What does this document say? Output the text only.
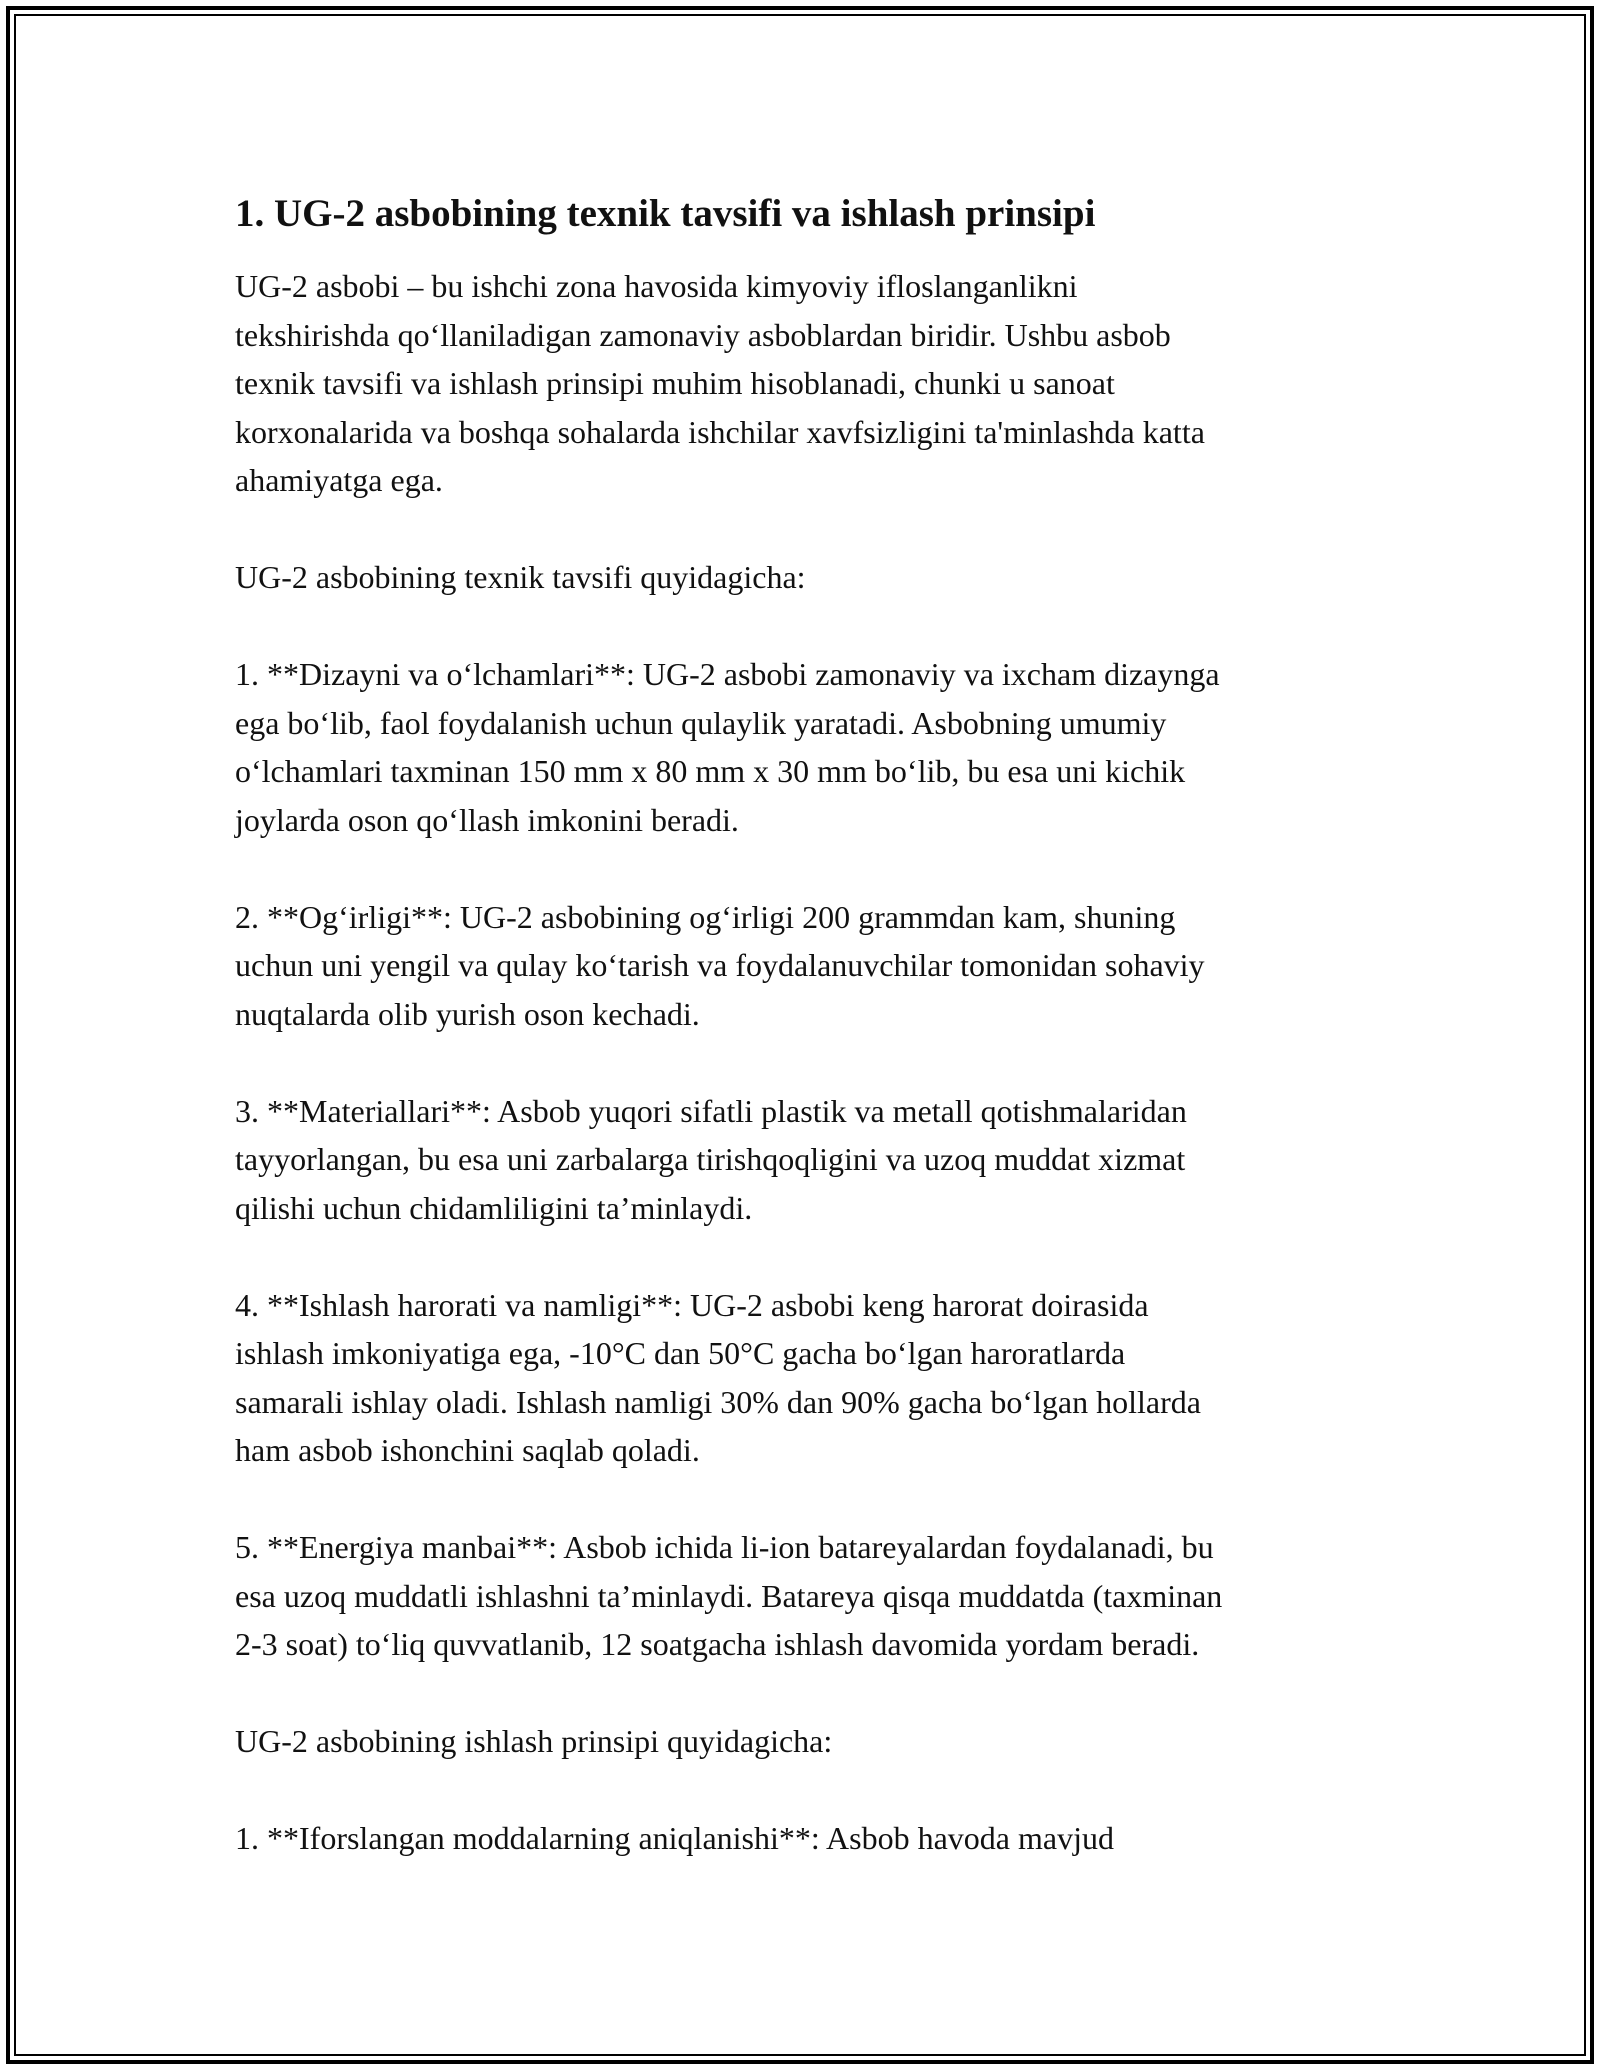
1. UG-2 asbobining texnik tavsifi va ishlash prinsipi

UG-2 asbobi – bu ishchi zona havosida kimyoviy ifloslanganlikni
tekshirishda qo‘llaniladigan zamonaviy asboblardan biridir. Ushbu asbob
texnik tavsifi va ishlash prinsipi muhim hisoblanadi, chunki u sanoat
korxonalarida va boshqa sohalarda ishchilar xavfsizligini ta'minlashda katta
ahamiyatga ega.

UG-2 asbobining texnik tavsifi quyidagicha:

1. **Dizayni va o‘lchamlari**: UG-2 asbobi zamonaviy va ixcham dizaynga
ega bo‘lib, faol foydalanish uchun qulaylik yaratadi. Asbobning umumiy
o‘lchamlari taxminan 150 mm x 80 mm x 30 mm bo‘lib, bu esa uni kichik
joylarda oson qo‘llash imkonini beradi.

2. **Og‘irligi**: UG-2 asbobining og‘irligi 200 grammdan kam, shuning
uchun uni yengil va qulay ko‘tarish va foydalanuvchilar tomonidan sohaviy
nuqtalarda olib yurish oson kechadi.

3. **Materiallari**: Asbob yuqori sifatli plastik va metall qotishmalaridan
tayyorlangan, bu esa uni zarbalarga tirishqoqligini va uzoq muddat xizmat
qilishi uchun chidamliligini ta’minlaydi.

4. **Ishlash harorati va namligi**: UG-2 asbobi keng harorat doirasida
ishlash imkoniyatiga ega, -10°C dan 50°C gacha bo‘lgan haroratlarda
samarali ishlay oladi. Ishlash namligi 30% dan 90% gacha bo‘lgan hollarda
ham asbob ishonchini saqlab qoladi.

5. **Energiya manbai**: Asbob ichida li-ion batareyalardan foydalanadi, bu
esa uzoq muddatli ishlashni ta’minlaydi. Batareya qisqa muddatda (taxminan
2-3 soat) to‘liq quvvatlanib, 12 soatgacha ishlash davomida yordam beradi.

UG-2 asbobining ishlash prinsipi quyidagicha:

1. **Iforslangan moddalarning aniqlanishi**: Asbob havoda mavjud
